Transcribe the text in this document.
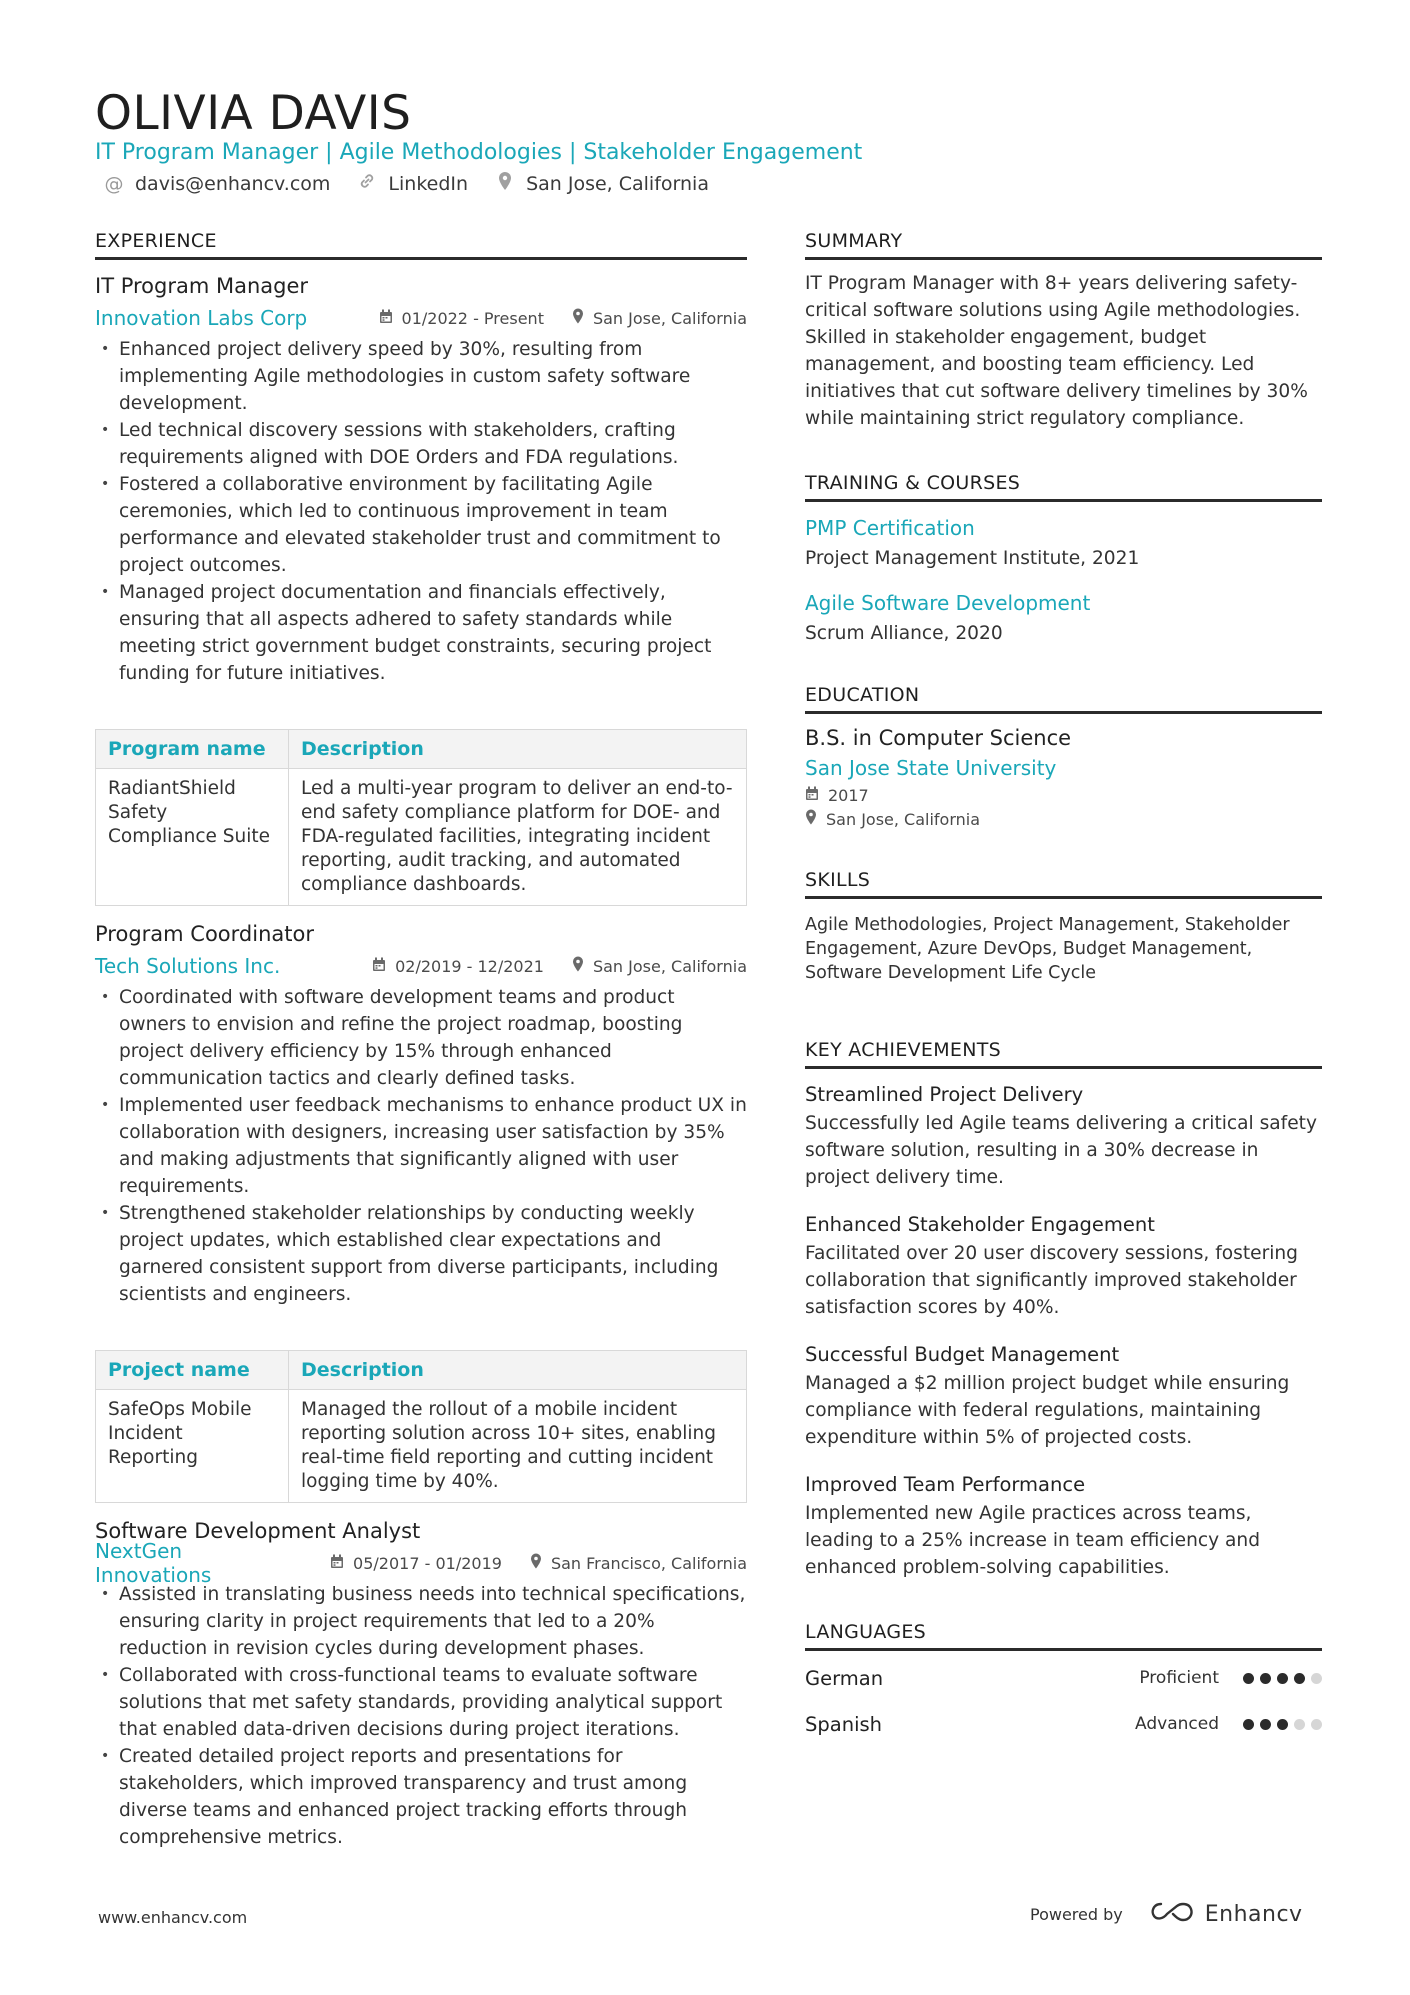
OLIVIA DAVIS
IT Program Manager | Agile Methodologies | Stakeholder Engagement
@ davis@enhancv.com	LinkedIn	San Jose, California
EXPERIENCE
IT Program Manager
Innovation Labs Corp	01/2022 - Present	San Jose, California
• Enhanced project delivery speed by 30%, resulting from implementing Agile methodologies in custom safety software development.
• Led technical discovery sessions with stakeholders, crafting requirements aligned with DOE Orders and FDA regulations.
• Fostered a collaborative environment by facilitating Agile ceremonies, which led to continuous improvement in team performance and elevated stakeholder trust and commitment to project outcomes.
• Managed project documentation and financials effectively, ensuring that all aspects adhered to safety standards while meeting strict government budget constraints, securing project funding for future initiatives.
Program name	Description
RadiantShield Safety Compliance Suite	Led a multi-year program to deliver an end-to-end safety compliance platform for DOE- and FDA-regulated facilities, integrating incident reporting, audit tracking, and automated compliance dashboards.
Program Coordinator
Tech Solutions Inc.	02/2019 - 12/2021	San Jose, California
• Coordinated with software development teams and product owners to envision and refine the project roadmap, boosting project delivery efficiency by 15% through enhanced communication tactics and clearly defined tasks.
• Implemented user feedback mechanisms to enhance product UX in collaboration with designers, increasing user satisfaction by 35% and making adjustments that significantly aligned with user requirements.
• Strengthened stakeholder relationships by conducting weekly project updates, which established clear expectations and garnered consistent support from diverse participants, including scientists and engineers.
Project name	Description
SafeOps Mobile Incident Reporting	Managed the rollout of a mobile incident reporting solution across 10+ sites, enabling real-time field reporting and cutting incident logging time by 40%.
Software Development Analyst
NextGen Innovations	05/2017 - 01/2019	San Francisco, California
• Assisted in translating business needs into technical specifications, ensuring clarity in project requirements that led to a 20% reduction in revision cycles during development phases.
• Collaborated with cross-functional teams to evaluate software solutions that met safety standards, providing analytical support that enabled data-driven decisions during project iterations.
• Created detailed project reports and presentations for stakeholders, which improved transparency and trust among diverse teams and enhanced project tracking efforts through comprehensive metrics.
SUMMARY
IT Program Manager with 8+ years delivering safety-critical software solutions using Agile methodologies. Skilled in stakeholder engagement, budget management, and boosting team efficiency. Led initiatives that cut software delivery timelines by 30% while maintaining strict regulatory compliance.
TRAINING & COURSES
PMP Certification
Project Management Institute, 2021
Agile Software Development
Scrum Alliance, 2020
EDUCATION
B.S. in Computer Science
San Jose State University
2017
San Jose, California
SKILLS
Agile Methodologies, Project Management, Stakeholder Engagement, Azure DevOps, Budget Management, Software Development Life Cycle
KEY ACHIEVEMENTS
Streamlined Project Delivery
Successfully led Agile teams delivering a critical safety software solution, resulting in a 30% decrease in project delivery time.
Enhanced Stakeholder Engagement
Facilitated over 20 user discovery sessions, fostering collaboration that significantly improved stakeholder satisfaction scores by 40%.
Successful Budget Management
Managed a $2 million project budget while ensuring compliance with federal regulations, maintaining expenditure within 5% of projected costs.
Improved Team Performance
Implemented new Agile practices across teams, leading to a 25% increase in team efficiency and enhanced problem-solving capabilities.
LANGUAGES
German	Proficient
Spanish	Advanced
www.enhancv.com	Powered by	Enhancv
